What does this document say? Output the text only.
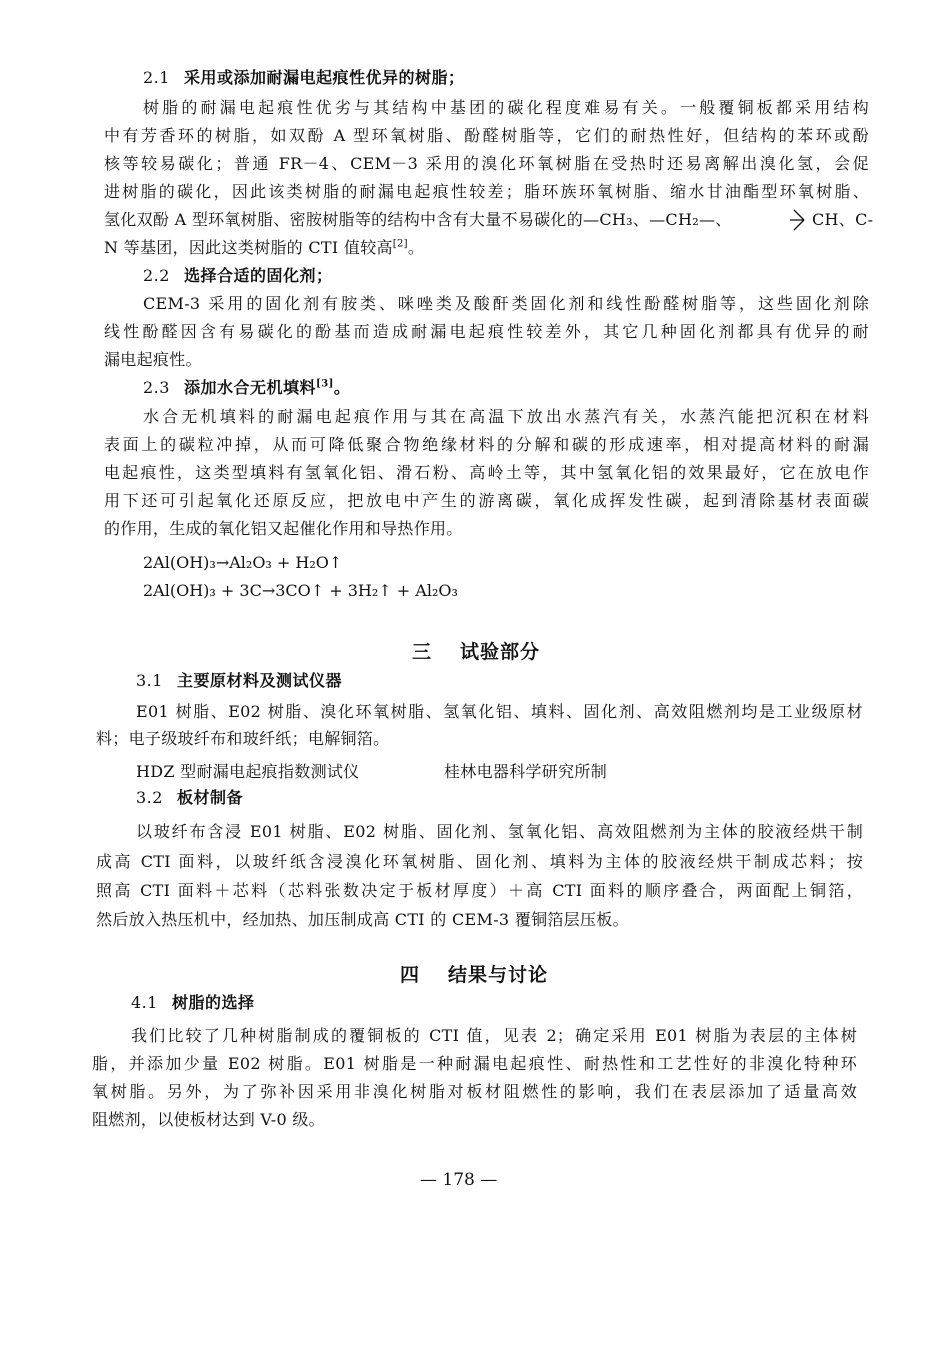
2.1 采用或添加耐漏电起痕性优异的树脂；
树脂的耐漏电起痕性优劣与其结构中基团的碳化程度难易有关。一般覆铜板都采用结构
中有芳香环的树脂，如双酚 A 型环氧树脂、酚醛树脂等，它们的耐热性好，但结构的苯环或酚
核等较易碳化；普通 FR－4、CEM－3 采用的溴化环氧树脂在受热时还易离解出溴化氢，会促
进树脂的碳化，因此该类树脂的耐漏电起痕性较差；脂环族环氧树脂、缩水甘油酯型环氧树脂、
氢化双酚 A 型环氧树脂、密胺树脂等的结构中含有大量不易碳化的—CH₃、—CH₂—、	CH、C-
N 等基团，因此这类树脂的 CTI 值较高[2]。
2.2 选择合适的固化剂；
CEM-3 采用的固化剂有胺类、咪唑类及酸酐类固化剂和线性酚醛树脂等，这些固化剂除
线性酚醛因含有易碳化的酚基而造成耐漏电起痕性较差外，其它几种固化剂都具有优异的耐
漏电起痕性。
2.3 添加水合无机填料[3]。
水合无机填料的耐漏电起痕作用与其在高温下放出水蒸汽有关，水蒸汽能把沉积在材料
表面上的碳粒冲掉，从而可降低聚合物绝缘材料的分解和碳的形成速率，相对提高材料的耐漏
电起痕性，这类型填料有氢氧化铝、滑石粉、高岭土等，其中氢氧化铝的效果最好，它在放电作
用下还可引起氧化还原反应，把放电中产生的游离碳，氧化成挥发性碳，起到清除基材表面碳
的作用，生成的氧化铝又起催化作用和导热作用。
2Al(OH)₃→Al₂O₃ + H₂O↑
2Al(OH)₃ + 3C→3CO↑ + 3H₂↑ + Al₂O₃
三 试验部分
3.1 主要原材料及测试仪器
E01 树脂、E02 树脂、溴化环氧树脂、氢氧化铝、填料、固化剂、高效阻燃剂均是工业级原材
料；电子级玻纤布和玻纤纸；电解铜箔。
HDZ 型耐漏电起痕指数测试仪	桂林电器科学研究所制
3.2 板材制备
以玻纤布含浸 E01 树脂、E02 树脂、固化剂、氢氧化铝、高效阻燃剂为主体的胶液经烘干制
成高 CTI 面料，以玻纤纸含浸溴化环氧树脂、固化剂、填料为主体的胶液经烘干制成芯料；按
照高 CTI 面料＋芯料（芯料张数决定于板材厚度）＋高 CTI 面料的顺序叠合，两面配上铜箔，
然后放入热压机中，经加热、加压制成高 CTI 的 CEM-3 覆铜箔层压板。
四 结果与讨论
4.1 树脂的选择
我们比较了几种树脂制成的覆铜板的 CTI 值，见表 2；确定采用 E01 树脂为表层的主体树
脂，并添加少量 E02 树脂。E01 树脂是一种耐漏电起痕性、耐热性和工艺性好的非溴化特种环
氧树脂。另外，为了弥补因采用非溴化树脂对板材阻燃性的影响，我们在表层添加了适量高效
阻燃剂，以使板材达到 V-0 级。
— 178 —
